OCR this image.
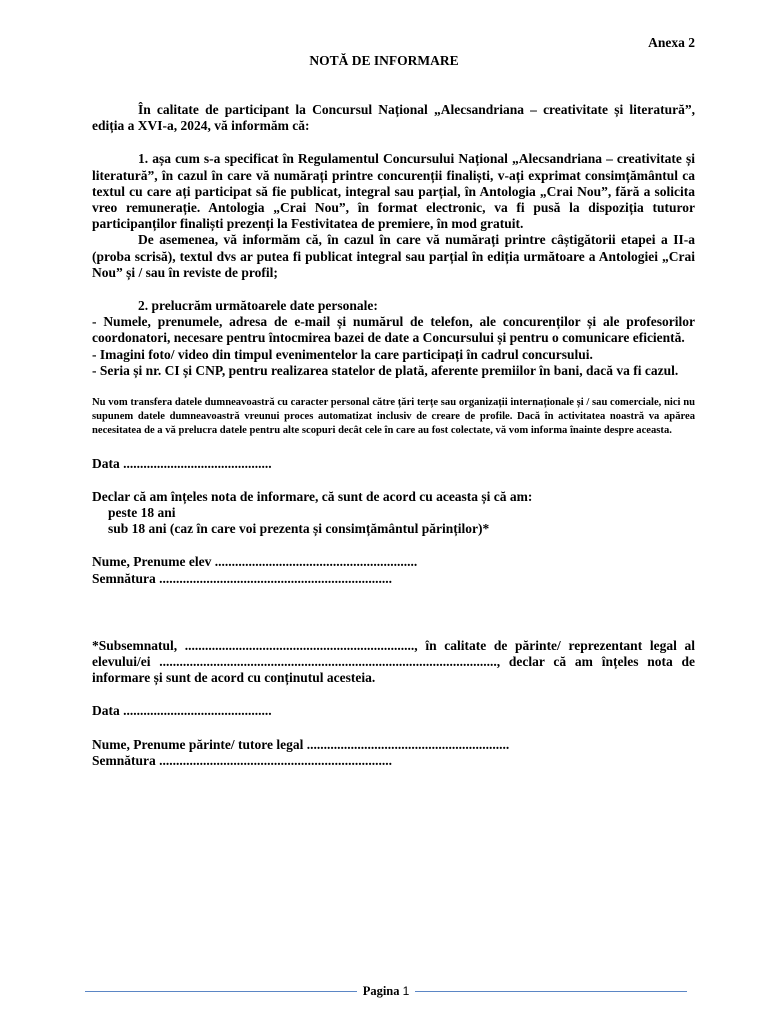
Anexa 2
NOTĂ DE INFORMARE

În calitate de participant la Concursul Național „Alecsandriana – creativitate și literatură”, ediția a XVI-a, 2024, vă informăm că:

1. așa cum s-a specificat în Regulamentul Concursului Național „Alecsandriana – creativitate și literatură”, în cazul în care vă numărați printre concurenții finaliști, v-ați exprimat consimțământul ca textul cu care ați participat să fie publicat, integral sau parțial, în Antologia „Crai Nou”, fără a solicita vreo remunerație. Antologia „Crai Nou”, în format electronic, va fi pusă la dispoziția tuturor participanților finaliști prezenți la Festivitatea de premiere, în mod gratuit.

De asemenea, vă informăm că, în cazul în care vă numărați printre câștigătorii etapei a II-a (proba scrisă), textul dvs ar putea fi publicat integral sau parțial în ediția următoare a Antologiei „Crai Nou” și / sau în reviste de profil;

2. prelucrăm următoarele date personale:

- Numele, prenumele, adresa de e-mail și numărul de telefon, ale concurenților și ale profesorilor coordonatori, necesare pentru întocmirea bazei de date a Concursului și pentru o comunicare eficientă.

- Imagini foto/ video din timpul evenimentelor la care participați în cadrul concursului.

- Seria și nr. CI și CNP, pentru realizarea statelor de plată, aferente premiilor în bani, dacă va fi cazul.

Nu vom transfera datele dumneavoastră cu caracter personal către țări terțe sau organizații internaționale și / sau comerciale, nici nu supunem datele dumneavoastră vreunui proces automatizat inclusiv de creare de profile. Dacă în activitatea noastră va apărea necesitatea de a vă prelucra datele pentru alte scopuri decât cele în care au fost colectate, vă vom informa înainte despre aceasta.

Data ............................................

Declar că am înțeles nota de informare, că sunt de acord cu aceasta și că am:

peste 18 ani

sub 18 ani (caz în care voi prezenta și consimțământul părinților)*

Nume, Prenume elev ............................................................

Semnătura .....................................................................

*Subsemnatul, ...................................................................., în calitate de părinte/ reprezentant legal al elevului/ei ...................................................................................................., declar că am înțeles nota de informare și sunt de acord cu conținutul acesteia.

Data ............................................

Nume, Prenume părinte/ tutore legal ............................................................

Semnătura .....................................................................

Pagina 1
